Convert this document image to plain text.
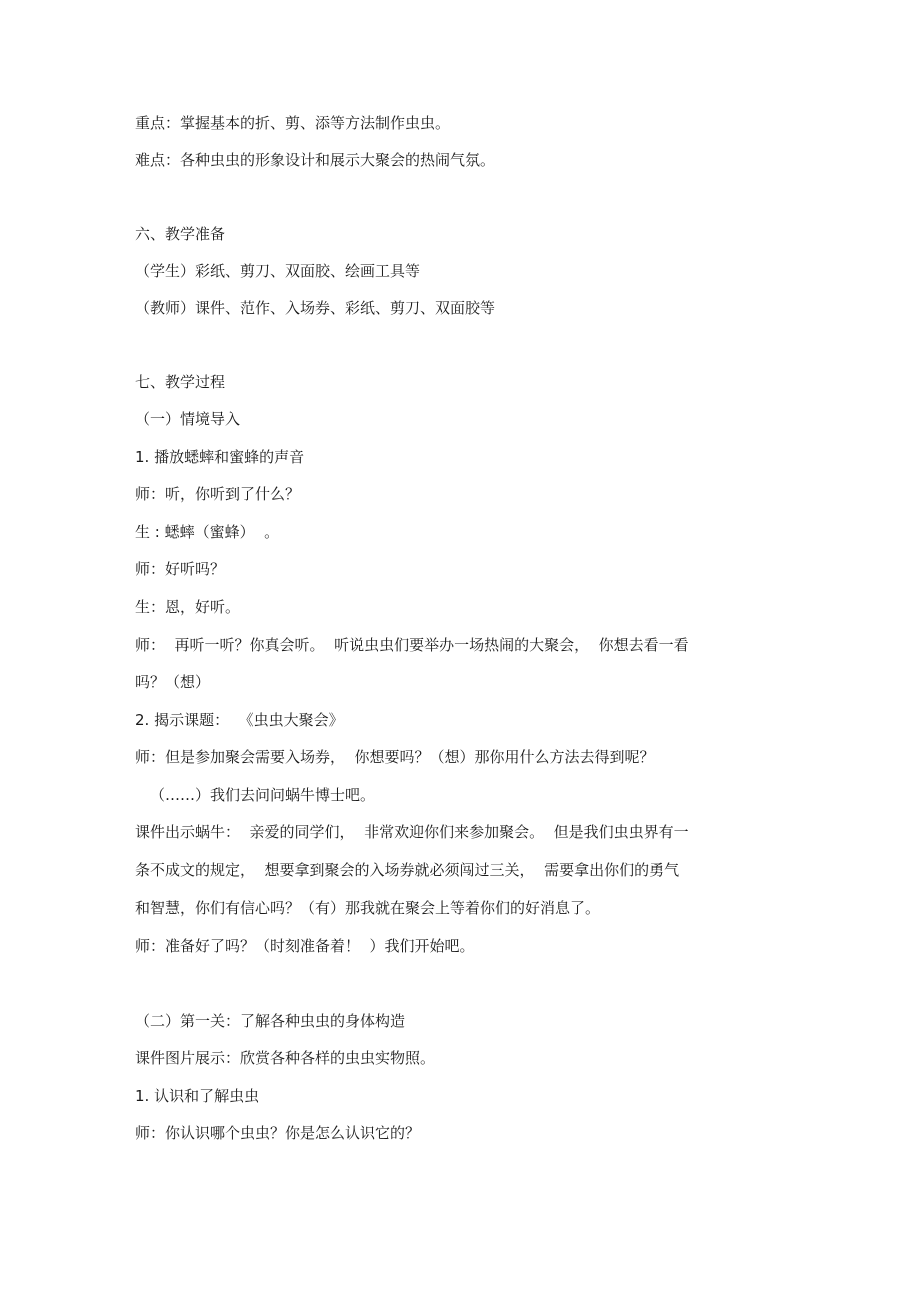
重点：掌握基本的折、剪、添等方法制作虫虫。
难点：各种虫虫的形象设计和展示大聚会的热闹气氛。
六、教学准备
（学生）彩纸、剪刀、双面胶、绘画工具等
（教师）课件、范作、入场券、彩纸、剪刀、双面胶等
七、教学过程
（一）情境导入
1. 播放蟋蟀和蜜蜂的声音
师：听，你听到了什么？
生 : 蟋蟀（蜜蜂）  。
师：好听吗？
生：恩，好听。
师：  再听一听？你真会听。  听说虫虫们要举办一场热闹的大聚会，  你想去看一看
吗？（想）
2. 揭示课题：  《虫虫大聚会》
师：但是参加聚会需要入场券，  你想要吗？（想）那你用什么方法去得到呢？
（……）我们去问问蜗牛博士吧。
课件出示蜗牛：  亲爱的同学们，  非常欢迎你们来参加聚会。  但是我们虫虫界有一
条不成文的规定，  想要拿到聚会的入场券就必须闯过三关，  需要拿出你们的勇气
和智慧，你们有信心吗？（有）那我就在聚会上等着你们的好消息了。
师：准备好了吗？（时刻准备着！  ）我们开始吧。
（二）第一关：了解各种虫虫的身体构造
课件图片展示：欣赏各种各样的虫虫实物照。
1. 认识和了解虫虫
师：你认识哪个虫虫？你是怎么认识它的？
